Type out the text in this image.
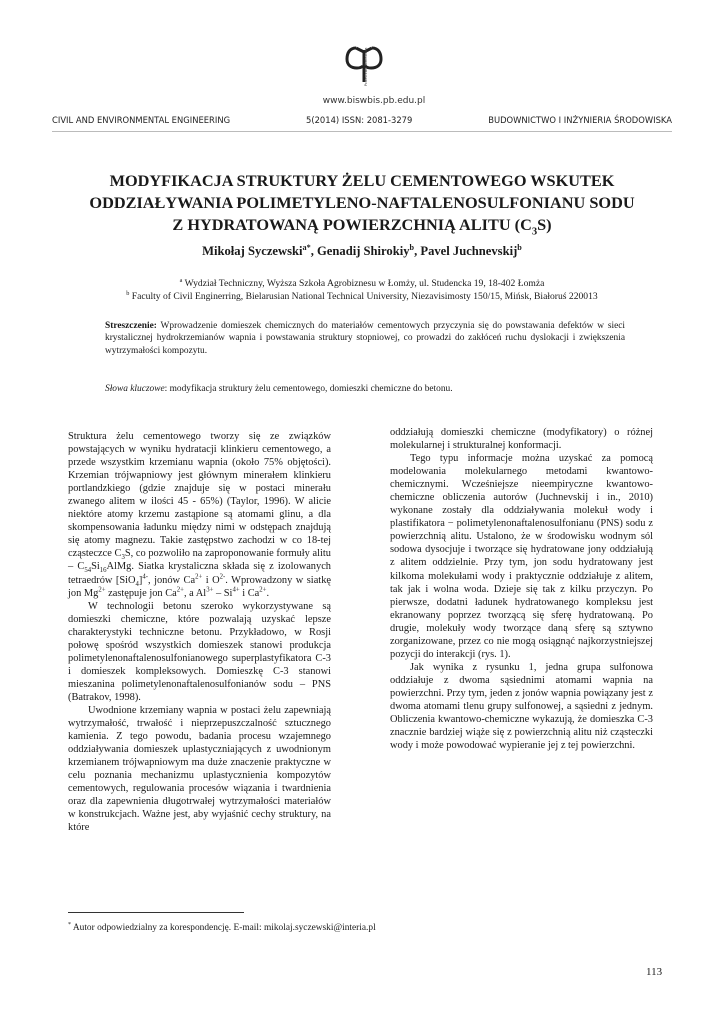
Politechnika Białostocka
www.biswbis.pb.edu.pl
CIVIL AND ENVIRONMENTAL ENGINEERING	5(2014) ISSN: 2081-3279	BUDOWNICTWO I INŻYNIERIA ŚRODOWISKA
MODYFIKACJA STRUKTURY ŻELU CEMENTOWEGO WSKUTEK
ODDZIAŁYWANIA POLIMETYLENO-NAFTALENOSULFONIANU SODU
Z HYDRATOWANĄ POWIERZCHNIĄ ALITU $(C_3S)$
Mikołaj Syczewski$^{a*}$, Genadij Shirokiy$^b$, Pavel Juchnevskij$^b$
$^a$ Wydział Techniczny, Wyższa Szkoła Agrobiznesu w Łomży, ul. Studencka 19, 18-402 Łomża
$^b$ Faculty of Civil Enginerring, Bielarusian National Technical University, Niezavisimosty 150/15, Mińsk, Białoruś 220013
Streszczenie: Wprowadzenie domieszek chemicznych do materiałów cementowych przyczynia się do powstawania defektów w sieci krystalicznej hydrokrzemianów wapnia i powstawania struktury stopniowej, co prowadzi do zakłóceń ruchu dyslokacji i zwiększenia wytrzymałości kompozytu.
Słowa kluczowe: modyfikacja struktury żelu cementowego, domieszki chemiczne do betonu.

Struktura żelu cementowego tworzy się ze związków powstających w wyniku hydratacji klinkieru cementowego, a przede wszystkim krzemianu wapnia (około 75% objętości). Krzemian trójwapniowy jest głównym minerałem klinkieru portlandzkiego (gdzie znajduje się w postaci minerału zwanego alitem w ilości 45 - 65%) (Taylor, 1996). W alicie niektóre atomy krzemu zastąpione są atomami glinu, a dla skompensowania ładunku między nimi w odstępach znajdują się atomy magnezu. Takie zastępstwo zachodzi w co 18-tej cząsteczce $C_3S$, co pozwoliło na zaproponowanie formuły alitu – $C_{54}Si_{16}AlMg$. Siatka krystaliczna składa się z izolowanych tetraedrów $[SiO_4]^{4-}$, jonów $Ca^{2+}$ i $O^{2-}$. Wprowadzony w siatkę jon $Mg^{2+}$ zastępuje jon $Ca^{2+}$, a $Al^{3+} - Si^{4+}$ i $Ca^{2+}$.

W technologii betonu szeroko wykorzystywane są domieszki chemiczne, które pozwalają uzyskać lepsze charakterystyki techniczne betonu. Przykładowo, w Rosji połowę spośród wszystkich domieszek stanowi produkcja polimetylenonaftalenosulfonianowego superplastyfikatora C-3 i domieszek kompleksowych. Domieszkę C-3 stanowi mieszanina polimetylenonaftalenosulfonianów sodu – PNS (Batrakov, 1998).

Uwodnione krzemiany wapnia w postaci żelu zapewniają wytrzymałość, trwałość i nieprzepuszczalność sztucznego kamienia. Z tego powodu, badania procesu wzajemnego oddziaływania domieszek uplastyczniających z uwodnionym krzemianem trójwapniowym ma duże znaczenie praktyczne w celu poznania mechanizmu uplastycznienia kompozytów cementowych, regulowania procesów wiązania i twardnienia oraz dla zapewnienia długotrwałej wytrzymałości materiałów w konstrukcjach. Ważne jest, aby wyjaśnić cechy struktury, na które

oddziałują domieszki chemiczne (modyfikatory) o różnej molekularnej i strukturalnej konformacji.

Tego typu informacje można uzyskać za pomocą modelowania molekularnego metodami kwantowo-chemicznymi. Wcześniejsze nieempiryczne kwantowo-chemiczne obliczenia autorów (Juchnevskij i in., 2010) wykonane zostały dla oddziaływania molekuł wody i plastifikatora − polimetylenonaftalenosulfonianu (PNS) sodu z powierzchnią alitu. Ustalono, że w środowisku wodnym sól sodowa dysocjuje i tworzące się hydratowane jony oddziałują z alitem oddzielnie. Przy tym, jon sodu hydratowany jest kilkoma molekułami wody i praktycznie oddziałuje z alitem, tak jak i wolna woda. Dzieje się tak z kilku przyczyn. Po pierwsze, dodatni ładunek hydratowanego kompleksu jest ekranowany poprzez tworzącą się sferę hydratowaną. Po drugie, molekuły wody tworzące daną sferę są sztywno zorganizowane, przez co nie mogą osiągnąć najkorzystniejszej pozycji do interakcji (rys. 1).

Jak wynika z rysunku 1, jedna grupa sulfonowa oddziałuje z dwoma sąsiednimi atomami wapnia na powierzchni. Przy tym, jeden z jonów wapnia powiązany jest z dwoma atomami tlenu grupy sulfonowej, a sąsiedni z jednym. Obliczenia kwantowo-chemiczne wykazują, że domieszka C-3 znacznie bardziej wiąże się z powierzchnią alitu niż cząsteczki wody i może powodować wypieranie jej z tej powierzchni.

* Autor odpowiedzialny za korespondencję. E-mail: mikolaj.syczewski@interia.pl
113
